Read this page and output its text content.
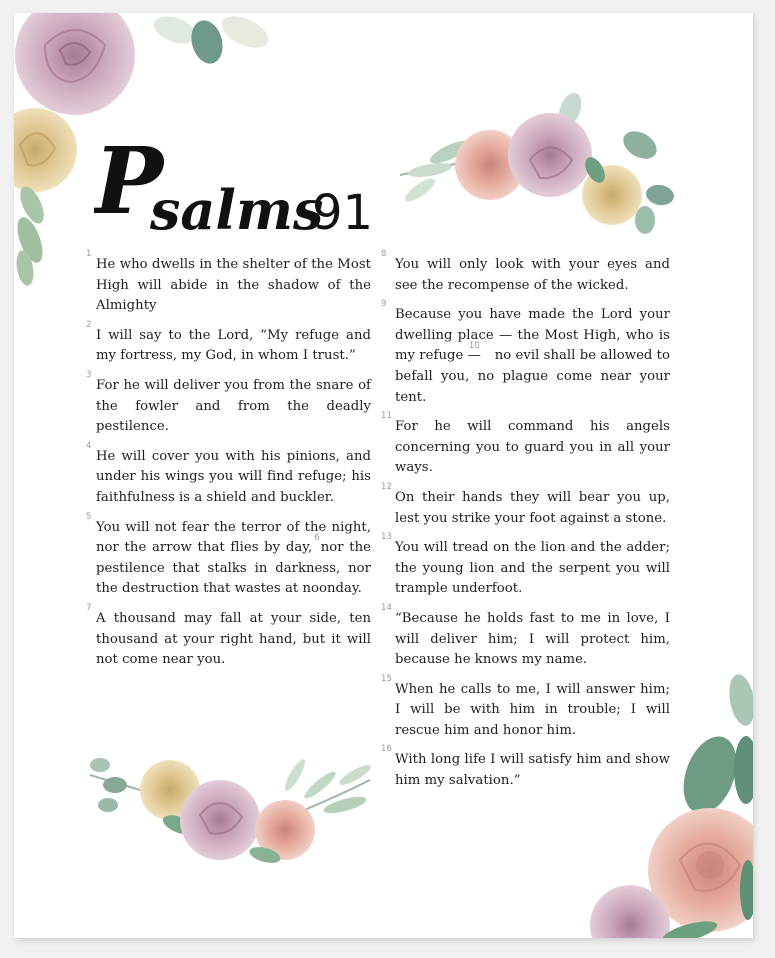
P
salms
91

1
He who dwells in the shelter of the Most High will abide in the shadow of the Almighty

2
I will say to the Lord, “My refuge and my fortress, my God, in whom I trust.”

3
For he will deliver you from the snare of the fowler and from the deadly pestilence.

4
He will cover you with his pinions, and under his wings you will find refuge; his faithfulness is a shield and buckler.

5
You will not fear the terror of the night, nor the arrow that flies by day,$^6$nor the pestilence that stalks in darkness, nor the destruction that wastes at noonday.

7
A thousand may fall at your side, ten thousand at your right hand, but it will not come near you.

8
You will only look with your eyes and see the recompense of the wicked.

9
Because you have made the Lord your dwelling place — the Most High, who is my refuge —$^{10}$no evil shall be allowed to befall you, no plague come near your tent.

11
For he will command his angels concerning you to guard you in all your ways.

12
On their hands they will bear you up, lest you strike your foot against a stone.

13
You will tread on the lion and the adder; the young lion and the serpent you will trample underfoot.

14
“Because he holds fast to me in love, I will deliver him; I will protect him, because he knows my name.

15
When he calls to me, I will answer him; I will be with him in trouble; I will rescue him and honor him.

16
With long life I will satisfy him and show him my salvation.”
